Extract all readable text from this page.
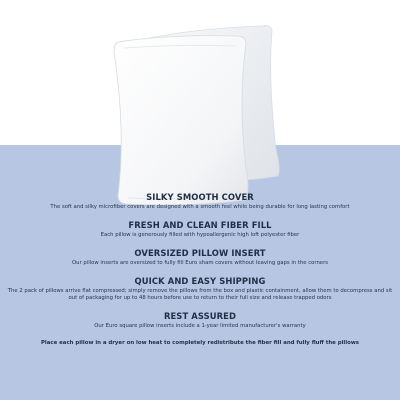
SILKY SMOOTH COVER
The soft and silky microfiber covers are designed with a smooth feel while being durable for long lasting comfort
FRESH AND CLEAN FIBER FILL
Each pillow is generously filled with hypoallergenic high loft polyester fiber
OVERSIZED PILLOW INSERT
Our pillow inserts are oversized to fully fill Euro sham covers without leaving gaps in the corners
QUICK AND EASY SHIPPING
The 2 pack of pillows arrive flat compressed; simply remove the pillows from the box and plastic containment, allow them to decompress and sit out of packaging for up to 48 hours before use to return to their full size and release trapped odors
REST ASSURED
Our Euro square pillow inserts include a 1-year limited manufacturer's warranty
Place each pillow in a dryer on low heat to completely redistribute the fiber fill and fully fluff the pillows
